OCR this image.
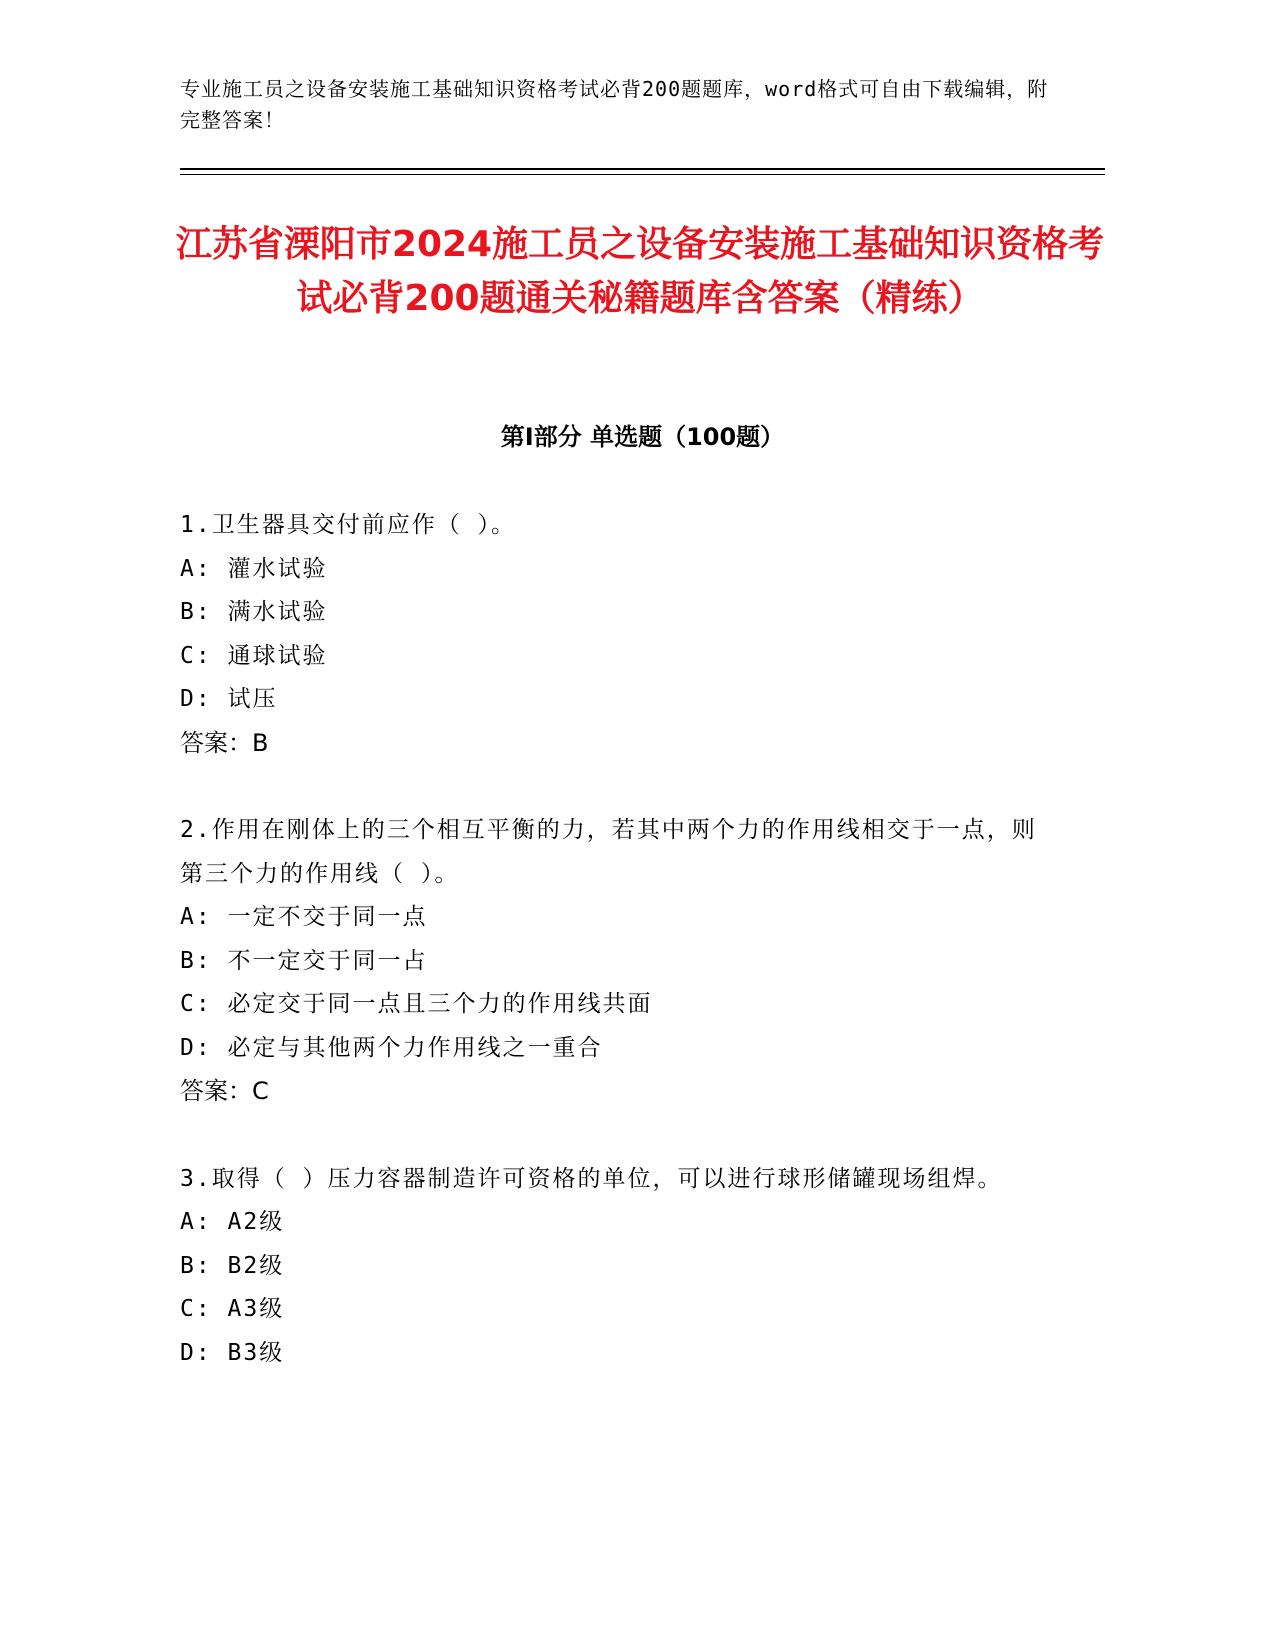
专业施工员之设备安装施工基础知识资格考试必背200题题库，word格式可自由下载编辑，附完整答案！
江苏省溧阳市2024施工员之设备安装施工基础知识资格考试必背200题通关秘籍题库含答案（精练）
第Ⅰ部分 单选题（100题）
1.卫生器具交付前应作（ ）。
A: 灌水试验
B: 满水试验
C: 通球试验
D: 试压
答案：B
2.作用在刚体上的三个相互平衡的力，若其中两个力的作用线相交于一点，则第三个力的作用线（ ）。
A: 一定不交于同一点
B: 不一定交于同一占
C: 必定交于同一点且三个力的作用线共面
D: 必定与其他两个力作用线之一重合
答案：C
3.取得（ ）压力容器制造许可资格的单位，可以进行球形储罐现场组焊。
A: A2级
B: B2级
C: A3级
D: B3级
